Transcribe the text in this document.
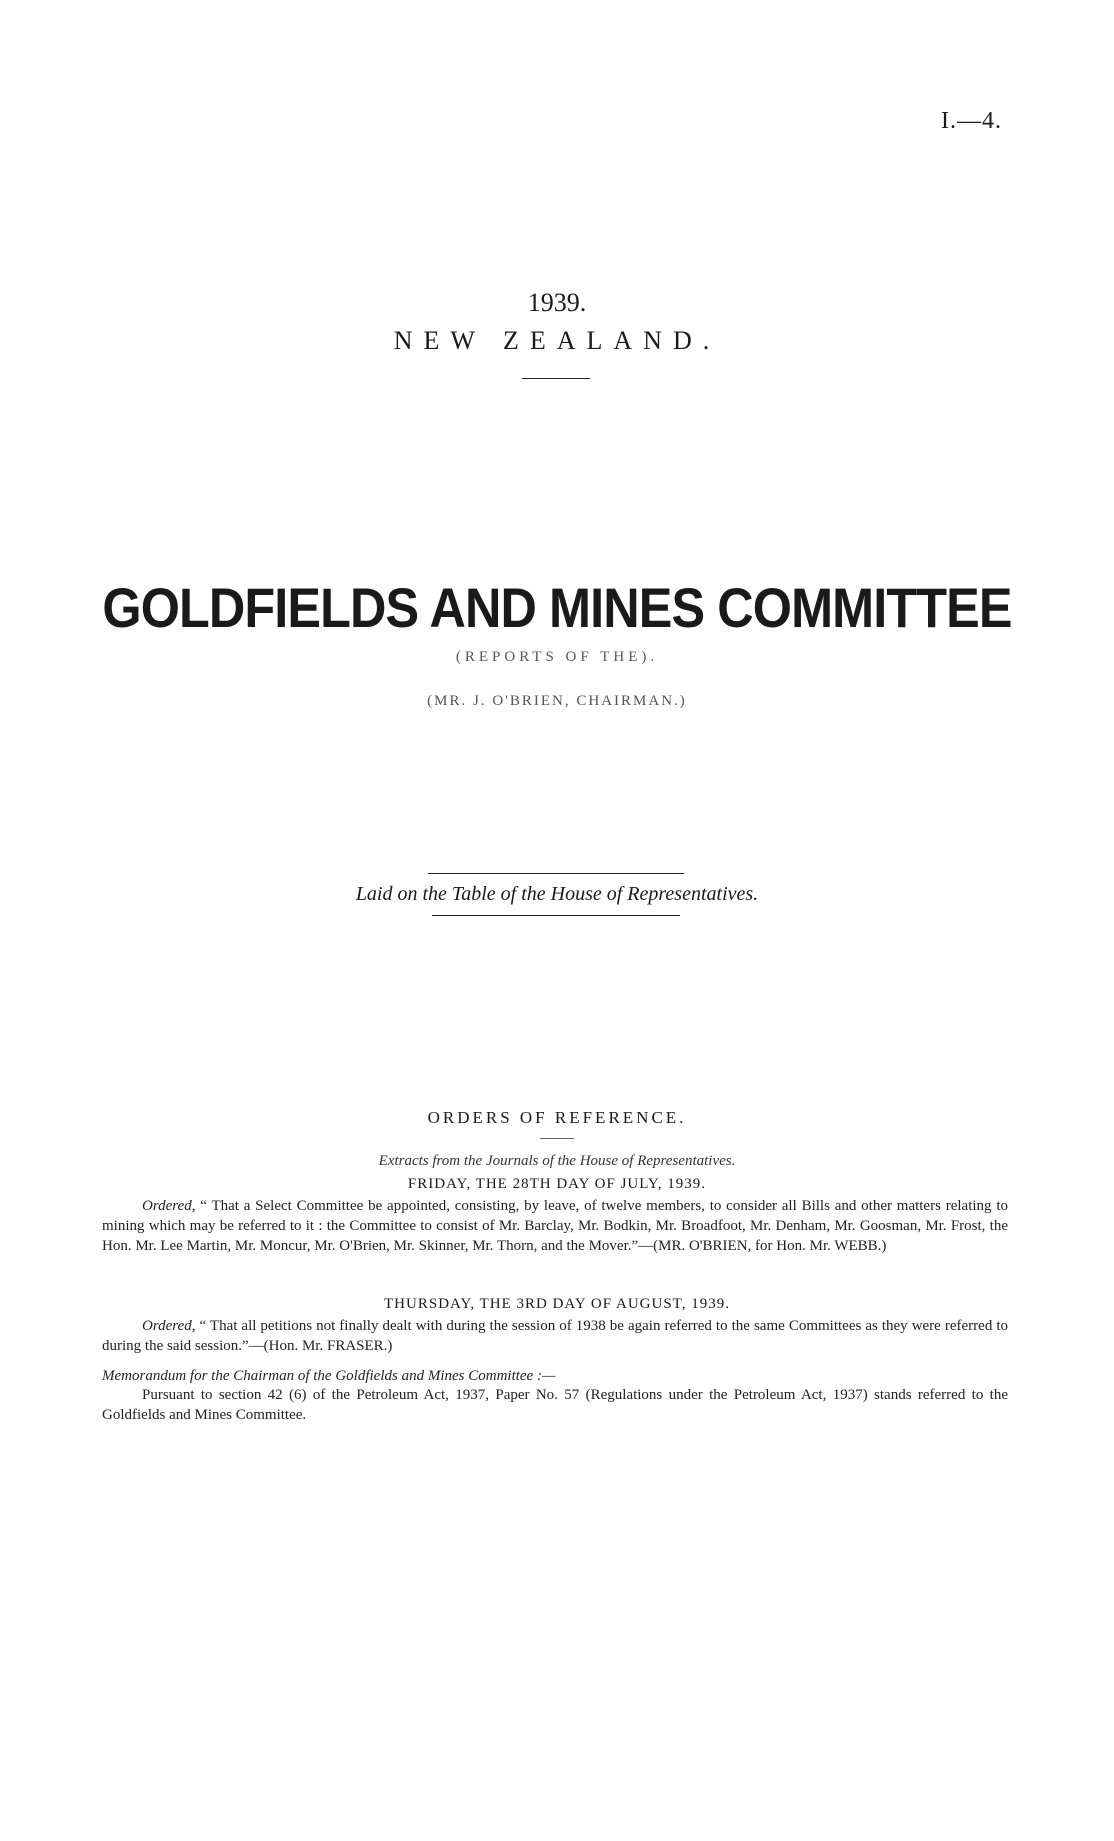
I.—4.
1939.
NEW ZEALAND.
GOLDFIELDS AND MINES COMMITTEE
(REPORTS OF THE).
(MR. J. O'BRIEN, CHAIRMAN.)
Laid on the Table of the House of Representatives.
ORDERS OF REFERENCE.
Extracts from the Journals of the House of Representatives.
FRIDAY, THE 28TH DAY OF JULY, 1939.
Ordered, “ That a Select Committee be appointed, consisting, by leave, of twelve members, to consider all Bills and other matters relating to mining which may be referred to it : the Committee to consist of Mr. Barclay, Mr. Bodkin, Mr. Broadfoot, Mr. Denham, Mr. Goosman, Mr. Frost, the Hon. Mr. Lee Martin, Mr. Moncur, Mr. O'Brien, Mr. Skinner, Mr. Thorn, and the Mover.”—(MR. O'BRIEN, for Hon. Mr. WEBB.)
THURSDAY, THE 3RD DAY OF AUGUST, 1939.
Ordered, “ That all petitions not finally dealt with during the session of 1938 be again referred to the same Committees as they were referred to during the said session.”—(Hon. Mr. FRASER.)
Memorandum for the Chairman of the Goldfields and Mines Committee :—
Pursuant to section 42 (6) of the Petroleum Act, 1937, Paper No. 57 (Regulations under the Petroleum Act, 1937) stands referred to the Goldfields and Mines Committee.
